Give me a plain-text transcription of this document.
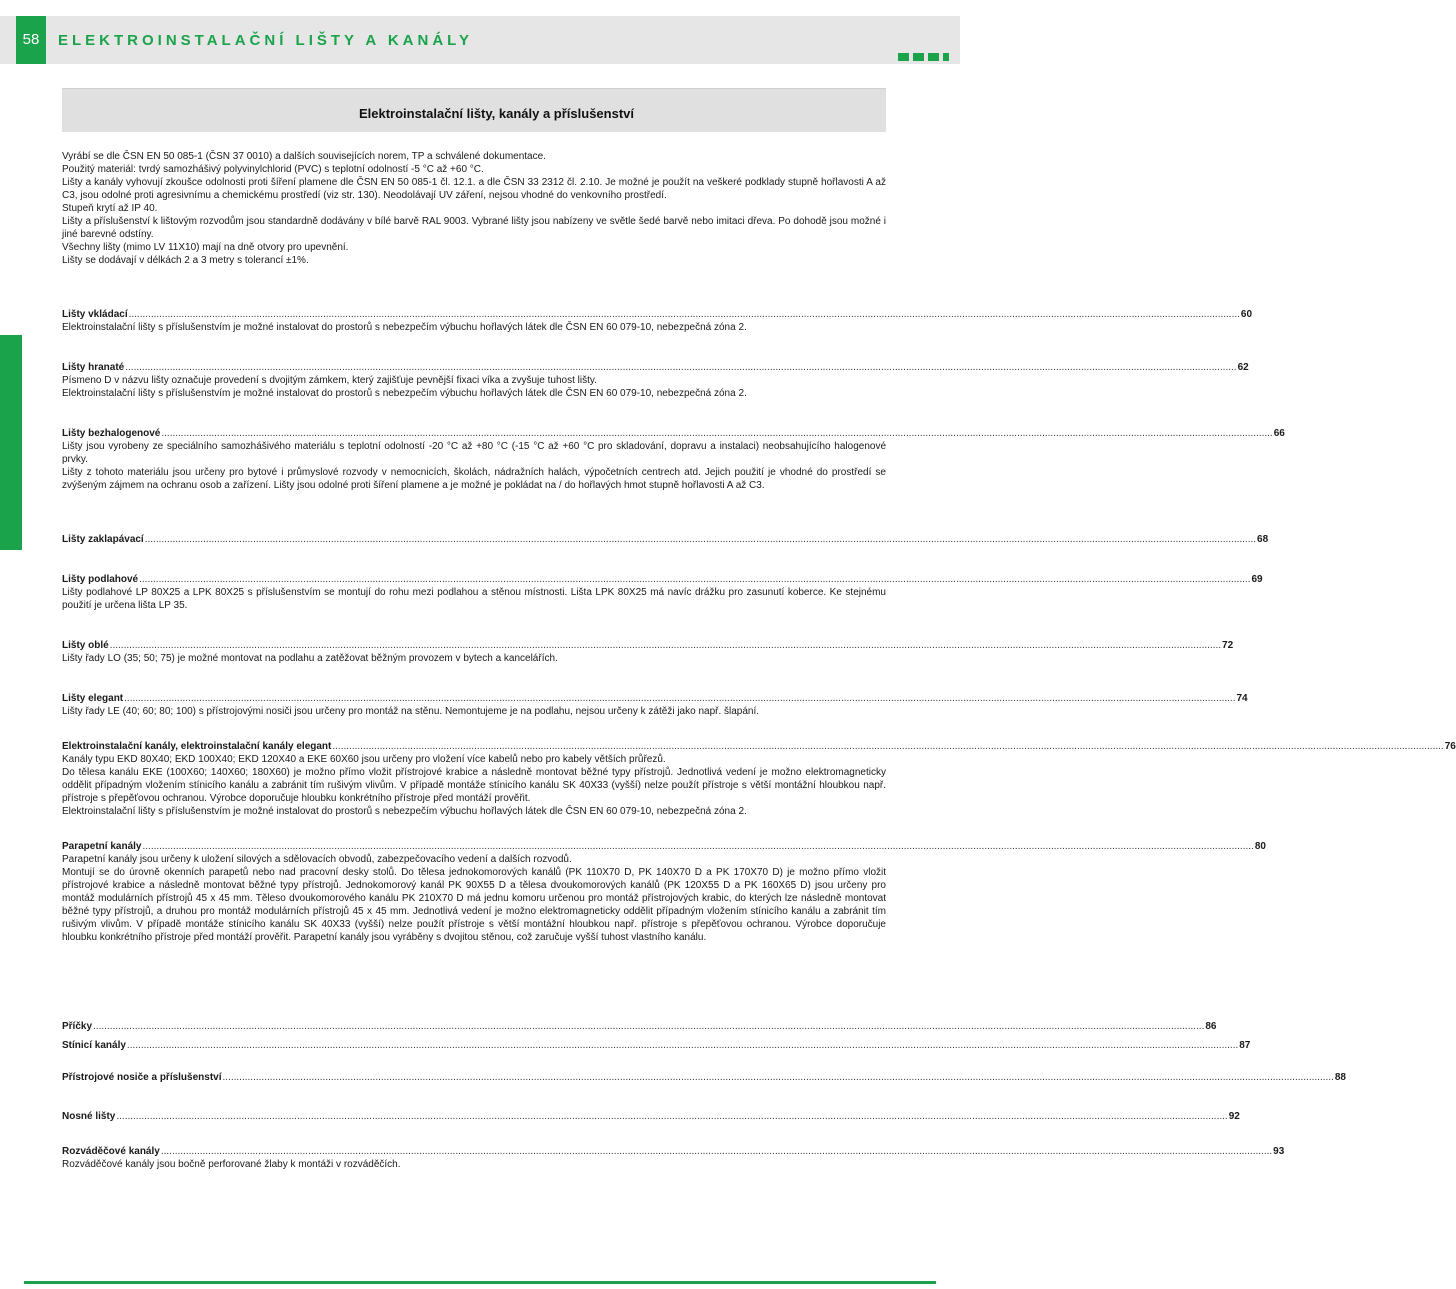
58	ELEKTROINSTALAČNÍ LIŠTY A KANÁLY
Elektroinstalační lišty, kanály a příslušenství

Vyrábí se dle ČSN EN 50 085-1 (ČSN 37 0010) a dalších souvisejících norem, TP a schválené dokumentace.

Použitý materiál: tvrdý samozhášivý polyvinylchlorid (PVC) s teplotní odolností -5 °C až +60 °C.

Lišty a kanály vyhovují zkoušce odolnosti proti šíření plamene dle ČSN EN 50 085-1 čl. 12.1. a dle ČSN 33 2312 čl. 2.10. Je možné je použít na veškeré podklady stupně hořlavosti A až C3, jsou odolné proti agresivnímu a chemickému prostředí (viz str. 130). Neodolávají UV záření, nejsou vhodné do venkovního prostředí.

Stupeň krytí až IP 40.

Lišty a příslušenství k lištovým rozvodům jsou standardně dodávány v bílé barvě RAL 9003. Vybrané lišty jsou nabízeny ve světle šedé barvě nebo imitaci dřeva. Po dohodě jsou možné i jiné barevné odstíny.

Všechny lišty (mimo LV 11X10) mají na dně otvory pro upevnění.

Lišty se dodávají v délkách 2 a 3 metry s tolerancí ±1%.

Lišty vkládací ................................................................................................................................................................................................................................................................................................................................................................................................................ 60

Elektroinstalační lišty s příslušenstvím je možné instalovat do prostorů s nebezpečím výbuchu hořlavých látek dle ČSN EN 60 079-10, nebezpečná zóna 2.

Lišty hranaté ................................................................................................................................................................................................................................................................................................................................................................................................................ 62

Písmeno D v názvu lišty označuje provedení s dvojitým zámkem, který zajišťuje pevnější fixaci víka a zvyšuje tuhost lišty.

Elektroinstalační lišty s příslušenstvím je možné instalovat do prostorů s nebezpečím výbuchu hořlavých látek dle ČSN EN 60 079-10, nebezpečná zóna 2.

Lišty bezhalogenové ................................................................................................................................................................................................................................................................................................................................................................................................................ 66

Lišty jsou vyrobeny ze speciálního samozhášivého materiálu s teplotní odolností -20 °C až +80 °C (-15 °C až +60 °C pro skladování, dopravu a instalaci) neobsahujícího halogenové prvky.

Lišty z tohoto materiálu jsou určeny pro bytové i průmyslové rozvody v nemocnicích, školách, nádražních halách, výpočetních centrech atd. Jejich použití je vhodné do prostředí se zvýšeným zájmem na ochranu osob a zařízení. Lišty jsou odolné proti šíření plamene a je možné je pokládat na / do hořlavých hmot stupně hořlavosti A až C3.

Lišty zaklapávací ................................................................................................................................................................................................................................................................................................................................................................................................................ 68
Lišty podlahové ................................................................................................................................................................................................................................................................................................................................................................................................................ 69

Lišty podlahové LP 80X25 a LPK 80X25 s příslušenstvím se montují do rohu mezi podlahou a stěnou místnosti. Lišta LPK 80X25 má navíc drážku pro zasunutí koberce. Ke stejnému použití je určena lišta LP 35.

Lišty oblé ................................................................................................................................................................................................................................................................................................................................................................................................................ 72

Lišty řady LO (35; 50; 75) je možné montovat na podlahu a zatěžovat běžným provozem v bytech a kancelářích.

Lišty elegant ................................................................................................................................................................................................................................................................................................................................................................................................................ 74

Lišty řady LE (40; 60; 80; 100) s přístrojovými nosiči jsou určeny pro montáž na stěnu. Nemontujeme je na podlahu, nejsou určeny k zátěži jako např. šlapání.

Elektroinstalační kanály, elektroinstalační kanály elegant ................................................................................................................................................................................................................................................................................................................................................................................................................ 76

Kanály typu EKD 80X40; EKD 100X40; EKD 120X40 a EKE 60X60 jsou určeny pro vložení více kabelů nebo pro kabely větších průřezů.

Do tělesa kanálu EKE (100X60; 140X60; 180X60) je možno přímo vložit přístrojové krabice a následně montovat běžné typy přístrojů. Jednotlivá vedení je možno elektromagneticky oddělit případným vložením stínicího kanálu a zabránit tím rušivým vlivům. V případě montáže stínicího kanálu SK 40X33 (vyšší) nelze použít přístroje s větší montážní hloubkou např. přístroje s přepěťovou ochranou. Výrobce doporučuje hloubku konkrétního přístroje před montáží prověřit.

Elektroinstalační lišty s příslušenstvím je možné instalovat do prostorů s nebezpečím výbuchu hořlavých látek dle ČSN EN 60 079-10, nebezpečná zóna 2.

Parapetní kanály ................................................................................................................................................................................................................................................................................................................................................................................................................ 80

Parapetní kanály jsou určeny k uložení silových a sdělovacích obvodů, zabezpečovacího vedení a dalších rozvodů.

Montují se do úrovně okenních parapetů nebo nad pracovní desky stolů. Do tělesa jednokomorových kanálů (PK 110X70 D, PK 140X70 D a PK 170X70 D) je možno přímo vložit přístrojové krabice a následně montovat běžné typy přístrojů. Jednokomorový kanál PK 90X55 D a tělesa dvoukomorových kanálů (PK 120X55 D a PK 160X65 D) jsou určeny pro montáž modulárních přístrojů 45 x 45 mm. Těleso dvoukomorového kanálu PK 210X70 D má jednu komoru určenou pro montáž přístrojových krabic, do kterých lze následně montovat běžné typy přístrojů, a druhou pro montáž modulárních přístrojů 45 x 45 mm. Jednotlivá vedení je možno elektromagneticky oddělit případným vložením stínicího kanálu a zabránit tím rušivým vlivům. V případě montáže stínicího kanálu SK 40X33 (vyšší) nelze použít přístroje s větší montážní hloubkou např. přístroje s přepěťovou ochranou. Výrobce doporučuje hloubku konkrétního přístroje před montáží prověřit. Parapetní kanály jsou vyráběny s dvojitou stěnou, což zaručuje vyšší tuhost vlastního kanálu.

Příčky ................................................................................................................................................................................................................................................................................................................................................................................................................ 86
Stínicí kanály ................................................................................................................................................................................................................................................................................................................................................................................................................ 87
Přístrojové nosiče a příslušenství ................................................................................................................................................................................................................................................................................................................................................................................................................ 88
Nosné lišty ................................................................................................................................................................................................................................................................................................................................................................................................................ 92
Rozváděčové kanály ................................................................................................................................................................................................................................................................................................................................................................................................................ 93

Rozváděčové kanály jsou bočně perforované žlaby k montáži v rozváděčích.
